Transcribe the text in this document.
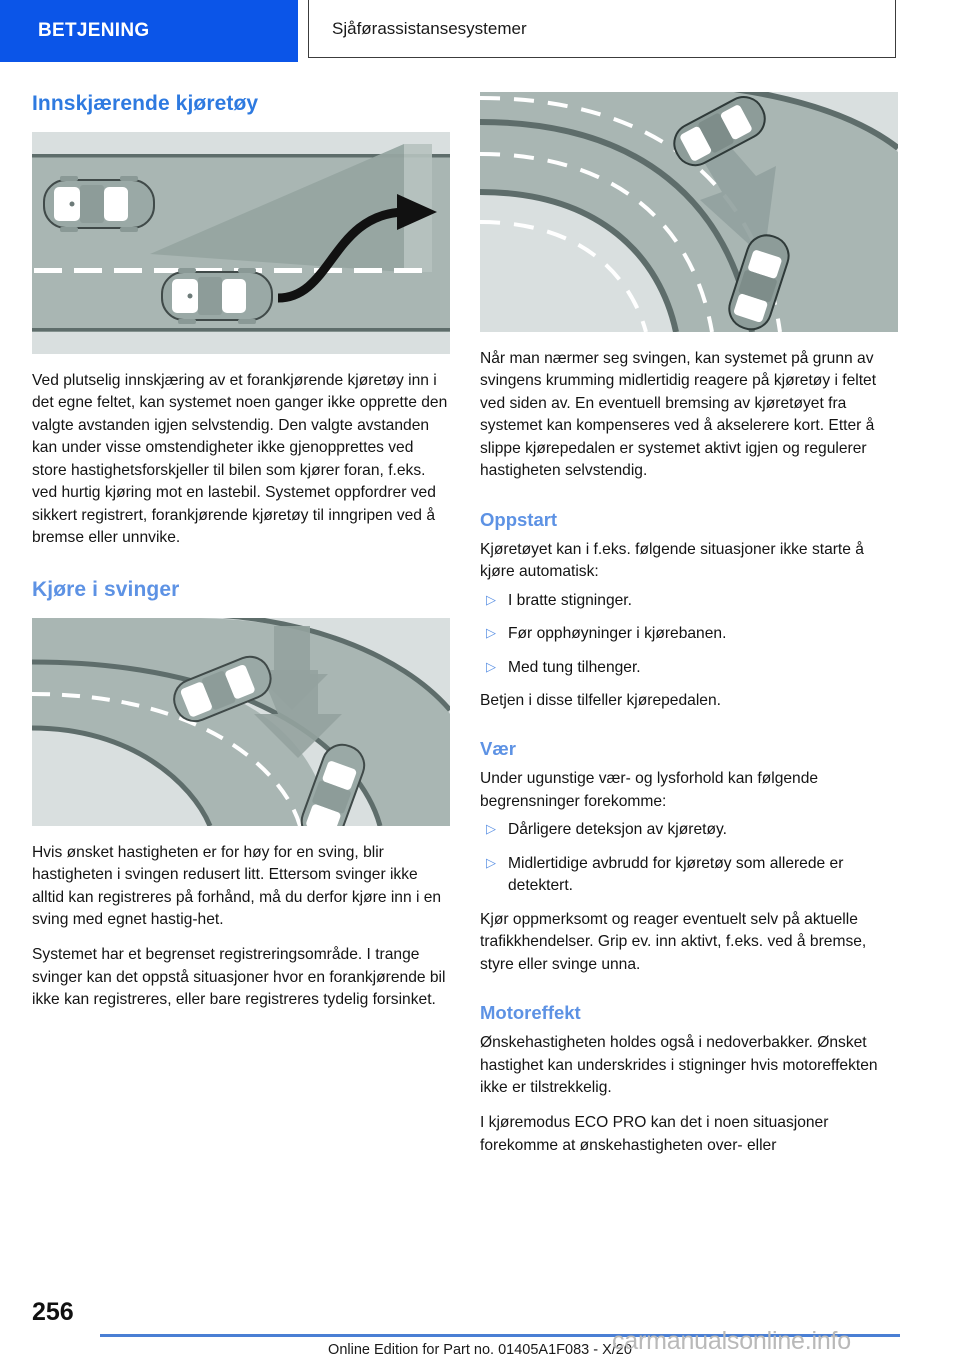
BETJENING	Sjåførassistansesystemer
Innskjærende kjøretøy

Ved plutselig innskjæring av et forankjørende kjøretøy inn i det egne feltet, kan systemet noen ganger ikke opprette den valgte avstanden igjen selvstendig. Den valgte avstanden kan under visse omstendigheter ikke gjenopprettes ved store hastighetsforskjeller til bilen som kjører foran, f.eks. ved hurtig kjøring mot en lastebil. Systemet oppfordrer ved sikkert registrert, forankjørende kjøretøy til inngripen ved å bremse eller unnvike.

Kjøre i svinger

Hvis ønsket hastigheten er for høy for en sving, blir hastigheten i svingen redusert litt. Ettersom svinger ikke alltid kan registreres på forhånd, må du derfor kjøre inn i en sving med egnet hastig-het.

Systemet har et begrenset registreringsområde. I trange svinger kan det oppstå situasjoner hvor en forankjørende bil ikke kan registreres, eller bare registreres tydelig forsinket.

Når man nærmer seg svingen, kan systemet på grunn av svingens krumming midlertidig reagere på kjøretøy i feltet ved siden av. En eventuell bremsing av kjøretøyet fra systemet kan kompenseres ved å akselerere kort. Etter å slippe kjørepedalen er systemet aktivt igjen og regulerer hastigheten selvstendig.

Oppstart

Kjøretøyet kan i f.eks. følgende situasjoner ikke starte å kjøre automatisk:

▷ I bratte stigninger.
▷ Før opphøyninger i kjørebanen.
▷ Med tung tilhenger.

Betjen i disse tilfeller kjørepedalen.

Vær

Under ugunstige vær- og lysforhold kan følgende begrensninger forekomme:

▷ Dårligere deteksjon av kjøretøy.
▷ Midlertidige avbrudd for kjøretøy som allerede er detektert.

Kjør oppmerksomt og reager eventuelt selv på aktuelle trafikkhendelser. Grip ev. inn aktivt, f.eks. ved å bremse, styre eller svinge unna.

Motoreffekt

Ønskehastigheten holdes også i nedoverbakker. Ønsket hastighet kan underskrides i stigninger hvis motoreffekten ikke er tilstrekkelig.

I kjøremodus ECO PRO kan det i noen situasjoner forekomme at ønskehastigheten over- eller

256
Online Edition for Part no. 01405A1F083 - X/20
carmanualsonline.info
